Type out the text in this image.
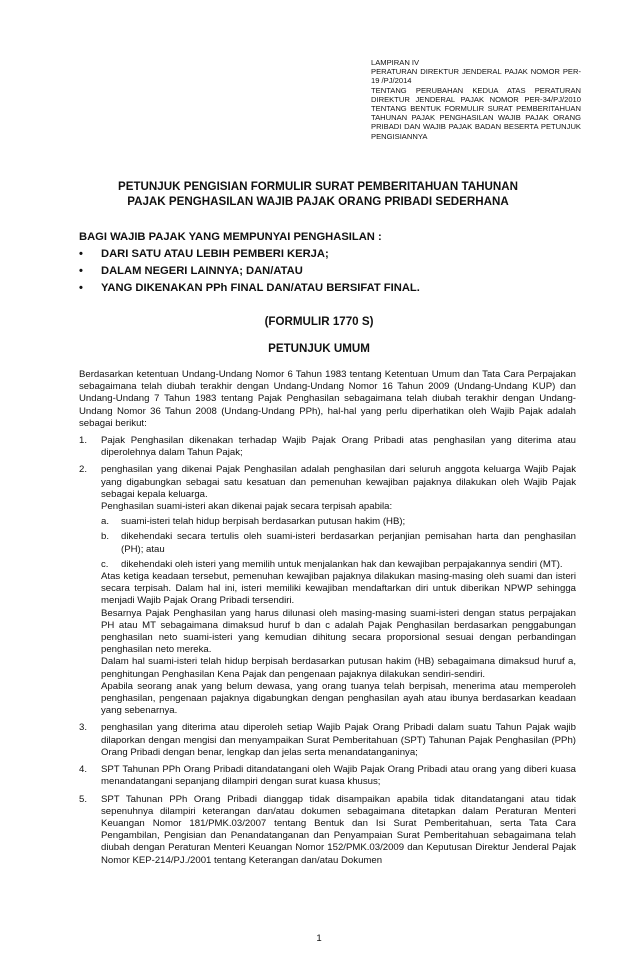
LAMPIRAN IV
PERATURAN DIREKTUR JENDERAL PAJAK NOMOR PER- 19 /PJ/2014
TENTANG PERUBAHAN KEDUA ATAS PERATURAN DIREKTUR JENDERAL PAJAK NOMOR PER-34/PJ/2010 TENTANG BENTUK FORMULIR SURAT PEMBERITAHUAN TAHUNAN PAJAK PENGHASILAN WAJIB PAJAK ORANG PRIBADI DAN WAJIB PAJAK BADAN BESERTA PETUNJUK PENGISIANNYA
PETUNJUK PENGISIAN FORMULIR SURAT PEMBERITAHUAN TAHUNAN
PAJAK PENGHASILAN WAJIB PAJAK ORANG PRIBADI SEDERHANA
BAGI WAJIB PAJAK YANG MEMPUNYAI PENGHASILAN :
• DARI SATU ATAU LEBIH PEMBERI KERJA;
• DALAM NEGERI LAINNYA; DAN/ATAU
• YANG DIKENAKAN PPh FINAL DAN/ATAU BERSIFAT FINAL.
(FORMULIR 1770 S)
PETUNJUK UMUM

Berdasarkan ketentuan Undang-Undang Nomor 6 Tahun 1983 tentang Ketentuan Umum dan Tata Cara Perpajakan sebagaimana telah diubah terakhir dengan Undang-Undang Nomor 16 Tahun 2009 (Undang-Undang KUP) dan Undang-Undang 7 Tahun 1983 tentang Pajak Penghasilan sebagaimana telah diubah terakhir dengan Undang-Undang Nomor 36 Tahun 2008 (Undang-Undang PPh), hal-hal yang perlu diperhatikan oleh Wajib Pajak adalah sebagai berikut:

1. Pajak Penghasilan dikenakan terhadap Wajib Pajak Orang Pribadi atas penghasilan yang diterima atau diperolehnya dalam Tahun Pajak;

2. penghasilan yang dikenai Pajak Penghasilan adalah penghasilan dari seluruh anggota keluarga Wajib Pajak yang digabungkan sebagai satu kesatuan dan pemenuhan kewajiban pajaknya dilakukan oleh Wajib Pajak sebagai kepala keluarga.

Penghasilan suami-isteri akan dikenai pajak secara terpisah apabila:

a. suami-isteri telah hidup berpisah berdasarkan putusan hakim (HB);

b. dikehendaki secara tertulis oleh suami-isteri berdasarkan perjanjian pemisahan harta dan penghasilan (PH); atau

c. dikehendaki oleh isteri yang memilih untuk menjalankan hak dan kewajiban perpajakannya sendiri (MT).

Atas ketiga keadaan tersebut, pemenuhan kewajiban pajaknya dilakukan masing-masing oleh suami dan isteri secara terpisah. Dalam hal ini, isteri memiliki kewajiban mendaftarkan diri untuk diberikan NPWP sehingga menjadi Wajib Pajak Orang Pribadi tersendiri.

Besarnya Pajak Penghasilan yang harus dilunasi oleh masing-masing suami-isteri dengan status perpajakan PH atau MT sebagaimana dimaksud huruf b dan c adalah Pajak Penghasilan berdasarkan penggabungan penghasilan neto suami-isteri yang kemudian dihitung secara proporsional sesuai dengan perbandingan penghasilan neto mereka.

Dalam hal suami-isteri telah hidup berpisah berdasarkan putusan hakim (HB) sebagaimana dimaksud huruf a, penghitungan Penghasilan Kena Pajak dan pengenaan pajaknya dilakukan sendiri-sendiri.

Apabila seorang anak yang belum dewasa, yang orang tuanya telah berpisah, menerima atau memperoleh penghasilan, pengenaan pajaknya digabungkan dengan penghasilan ayah atau ibunya berdasarkan keadaan yang sebenarnya.

3. penghasilan yang diterima atau diperoleh setiap Wajib Pajak Orang Pribadi dalam suatu Tahun Pajak wajib dilaporkan dengan mengisi dan menyampaikan Surat Pemberitahuan (SPT) Tahunan Pajak Penghasilan (PPh) Orang Pribadi dengan benar, lengkap dan jelas serta menandatanganinya;

4. SPT Tahunan PPh Orang Pribadi ditandatangani oleh Wajib Pajak Orang Pribadi atau orang yang diberi kuasa menandatangani sepanjang dilampiri dengan surat kuasa khusus;

5. SPT Tahunan PPh Orang Pribadi dianggap tidak disampaikan apabila tidak ditandatangani atau tidak sepenuhnya dilampiri keterangan dan/atau dokumen sebagaimana ditetapkan dalam Peraturan Menteri Keuangan Nomor 181/PMK.03/2007 tentang Bentuk dan Isi Surat Pemberitahuan, serta Tata Cara Pengambilan, Pengisian dan Penandatanganan dan Penyampaian Surat Pemberitahuan sebagaimana telah diubah dengan Peraturan Menteri Keuangan Nomor 152/PMK.03/2009 dan Keputusan Direktur Jenderal Pajak Nomor KEP-214/PJ./2001 tentang Keterangan dan/atau Dokumen

1
